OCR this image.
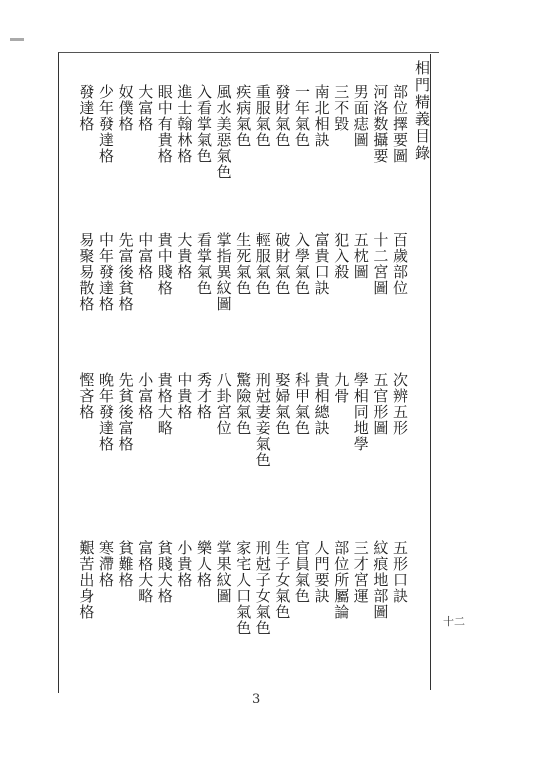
相門精義目錄
部位擇要圖
百歲部位
次辨五形
五形口訣
河洛数攝要
十二宮圖
五官形圖
紋痕地部圖
男面痣圖
五枕圖
學相同地學
三才宮運
三不毀
犯入殺
九骨
部位所屬論
南北相訣
富貴口訣
貴相總訣
人門要訣
一年氣色
入學氣色
科甲氣色
官員氣色
發財氣色
破財氣色
娶婦氣色
生子女氣色
重服氣色
輕服氣色
刑尅妻妾氣色
刑尅子女氣色
疾病氣色
生死氣色
驚險氣色
家宅人口氣色
風水美惡氣色
掌指異紋圖
八卦宮位
掌果紋圖
入看掌氣色
看掌氣色
秀才格
樂人格
進士翰林格
大貴格
中貴格
小貴格
眼中有貴格
貴中賤格
貴格大略
貧賤大格
大富格
中富格
小富格
富格大略
奴僕格
先富後貧格
先貧後富格
貧難格
少年發達格
中年發達格
晚年發達格
寒滯格
發達格
易聚易散格
慳吝格
艱苦出身格
3
十二
